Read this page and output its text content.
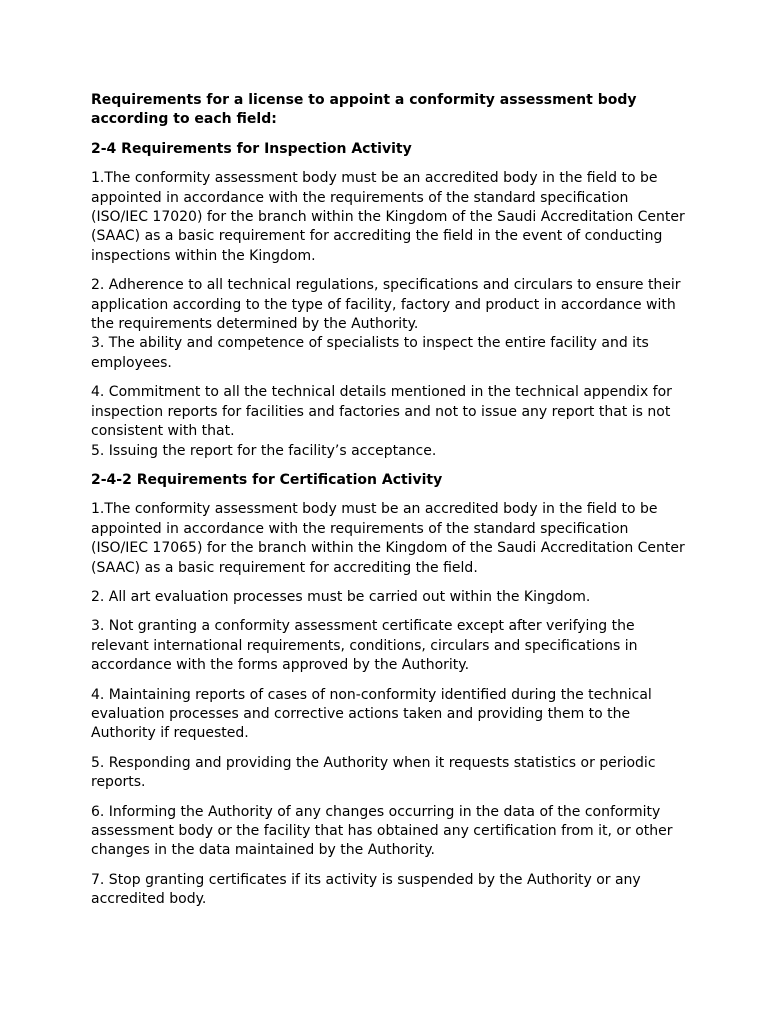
Requirements for a license to appoint a conformity assessment body
according to each field:
2-4 Requirements for Inspection Activity
1.The conformity assessment body must be an accredited body in the field to be
appointed in accordance with the requirements of the standard specification
(ISO/IEC 17020) for the branch within the Kingdom of the Saudi Accreditation Center
(SAAC) as a basic requirement for accrediting the field in the event of conducting
inspections within the Kingdom.
2. Adherence to all technical regulations, specifications and circulars to ensure their
application according to the type of facility, factory and product in accordance with
the requirements determined by the Authority.
3. The ability and competence of specialists to inspect the entire facility and its
employees.
4. Commitment to all the technical details mentioned in the technical appendix for
inspection reports for facilities and factories and not to issue any report that is not
consistent with that.
5. Issuing the report for the facility’s acceptance.
2-4-2 Requirements for Certification Activity
1.The conformity assessment body must be an accredited body in the field to be
appointed in accordance with the requirements of the standard specification
(ISO/IEC 17065) for the branch within the Kingdom of the Saudi Accreditation Center
(SAAC) as a basic requirement for accrediting the field.
2. All art evaluation processes must be carried out within the Kingdom.
3. Not granting a conformity assessment certificate except after verifying the
relevant international requirements, conditions, circulars and specifications in
accordance with the forms approved by the Authority.
4. Maintaining reports of cases of non-conformity identified during the technical
evaluation processes and corrective actions taken and providing them to the
Authority if requested.
5. Responding and providing the Authority when it requests statistics or periodic
reports.
6. Informing the Authority of any changes occurring in the data of the conformity
assessment body or the facility that has obtained any certification from it, or other
changes in the data maintained by the Authority.
7. Stop granting certificates if its activity is suspended by the Authority or any
accredited body.
